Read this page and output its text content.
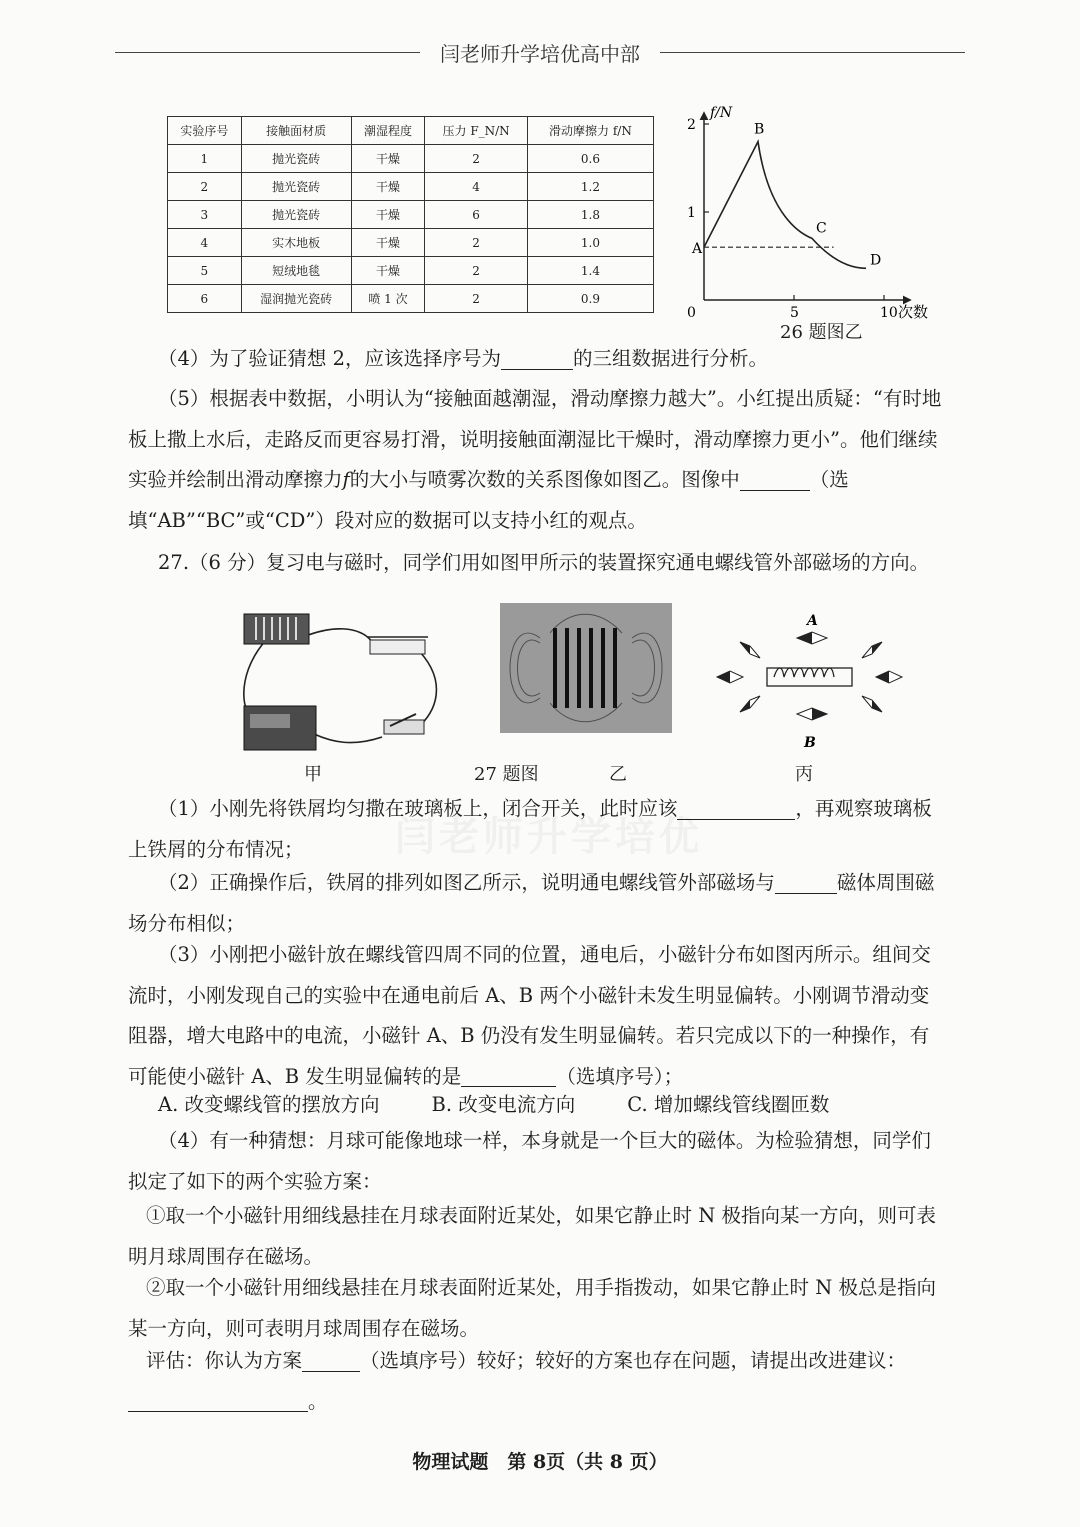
闫老师升学培优高中部
实验序号	接触面材质	潮湿程度	压力 F_N/N	滑动摩擦力 f/N
1	抛光瓷砖	干燥	2	0.6
2	抛光瓷砖	干燥	4	1.2
3	抛光瓷砖	干燥	6	1.8
4	实木地板	干燥	2	1.0
5	短绒地毯	干燥	2	1.4
6	湿润抛光瓷砖	喷 1 次	2	0.9
f/N
次数
0
1
2
5	10
A
B
C
D
26 题图乙

（4）为了验证猜想 2，应该选择序号为	的三组数据进行分析。

（5）根据表中数据，小明认为“接触面越潮湿，滑动摩擦力越大”。小红提出质疑：“有时地板上撒上水后，走路反而更容易打滑，说明接触面潮湿比干燥时，滑动摩擦力更小”。他们继续实验并绘制出滑动摩擦力f的大小与喷雾次数的关系图像如图乙。图像中	（选填“AB”“BC”或“CD”）段对应的数据可以支持小红的观点。

27.（6 分）复习电与磁时，同学们用如图甲所示的装置探究通电螺线管外部磁场的方向。

A
B
甲	27 题图	乙	丙
闫老师升学培优

（1）小刚先将铁屑均匀撒在玻璃板上，闭合开关，此时应该	，再观察玻璃板上铁屑的分布情况；

（2）正确操作后，铁屑的排列如图乙所示，说明通电螺线管外部磁场与	磁体周围磁场分布相似；

（3）小刚把小磁针放在螺线管四周不同的位置，通电后，小磁针分布如图丙所示。组间交流时，小刚发现自己的实验中在通电前后 A、B 两个小磁针未发生明显偏转。小刚调节滑动变阻器，增大电路中的电流，小磁针 A、B 仍没有发生明显偏转。若只完成以下的一种操作，有可能使小磁针 A、B 发生明显偏转的是	（选填序号）；

A. 改变螺线管的摆放方向	B. 改变电流方向	C. 增加螺线管线圈匝数

（4）有一种猜想：月球可能像地球一样，本身就是一个巨大的磁体。为检验猜想，同学们拟定了如下的两个实验方案：

①取一个小磁针用细线悬挂在月球表面附近某处，如果它静止时 N 极指向某一方向，则可表明月球周围存在磁场。

②取一个小磁针用细线悬挂在月球表面附近某处，用手指拨动，如果它静止时 N 极总是指向某一方向，则可表明月球周围存在磁场。

评估：你认为方案	（选填序号）较好；较好的方案也存在问题，请提出改进建议：。

物理试题　第 8页（共 8 页）
